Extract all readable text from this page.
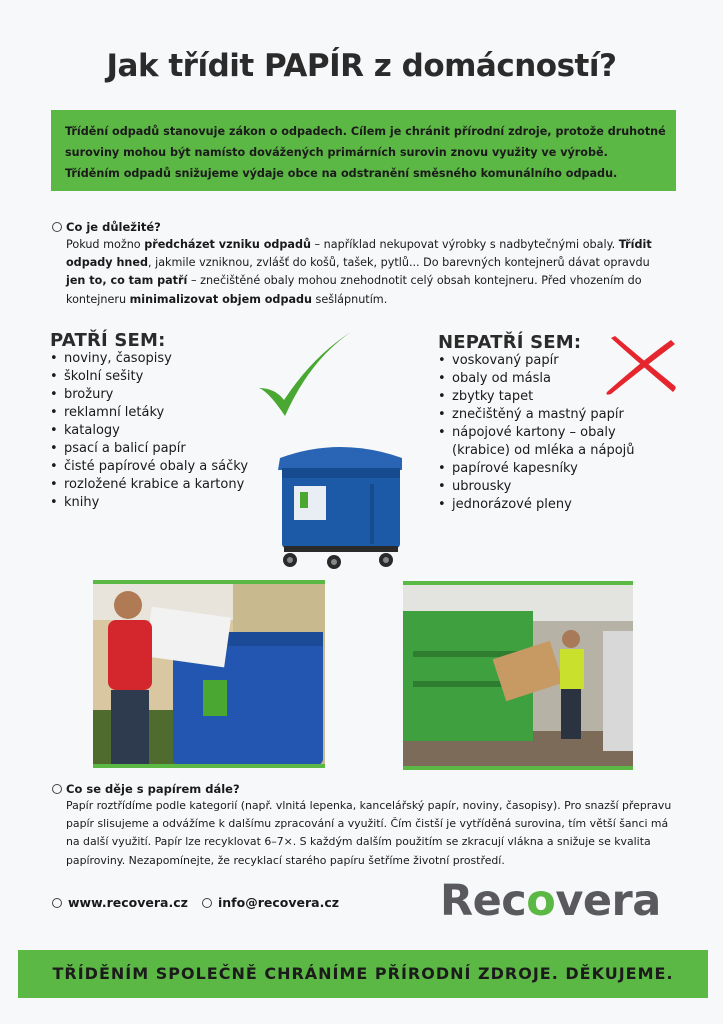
Jak třídit PAPÍR z domácností?
Třídění odpadů stanovuje zákon o odpadech. Cílem je chránit přírodní zdroje, protože druhotné
suroviny mohou být namísto dovážených primárních surovin znovu využity ve výrobě.
Tříděním odpadů snižujeme výdaje obce na odstranění směsného komunálního odpadu.
Co je důležité?
Pokud možno předcházet vzniku odpadů – například nekupovat výrobky s nadbytečnými obaly. Třídit
odpady hned, jakmile vzniknou, zvlášť do košů, tašek, pytlů... Do barevných kontejnerů dávat opravdu
jen to, co tam patří – znečištěné obaly mohou znehodnotit celý obsah kontejneru. Před vhozením do
kontejneru minimalizovat objem odpadu sešlápnutím.
PATŘÍ SEM:
• noviny, časopisy
• školní sešity
• brožury
• reklamní letáky
• katalogy
• psací a balicí papír
• čisté papírové obaly a sáčky
• rozložené krabice a kartony
• knihy
NEPATŘÍ SEM:
• voskovaný papír
• obaly od másla
• zbytky tapet
• znečištěný a mastný papír
• nápojové kartony – obaly
(krabice) od mléka a nápojů
• papírové kapesníky
• ubrousky
• jednorázové pleny
Co se děje s papírem dále?
Papír roztřídíme podle kategorií (např. vlnitá lepenka, kancelářský papír, noviny, časopisy). Pro snazší přepravu
papír slisujeme a odvážíme k dalšímu zpracování a využití. Čím čistší je vytříděná surovina, tím větší šanci má
na další využití. Papír lze recyklovat 6–7×. S každým dalším použitím se zkracují vlákna a snižuje se kvalita
papíroviny. Nezapomínejte, že recyklací starého papíru šetříme životní prostředí.
www.recovera.cz info@recovera.cz Recovera
TŘÍDĚNÍM SPOLEČNĚ CHRÁNÍME PŘÍRODNÍ ZDROJE. DĚKUJEME.
